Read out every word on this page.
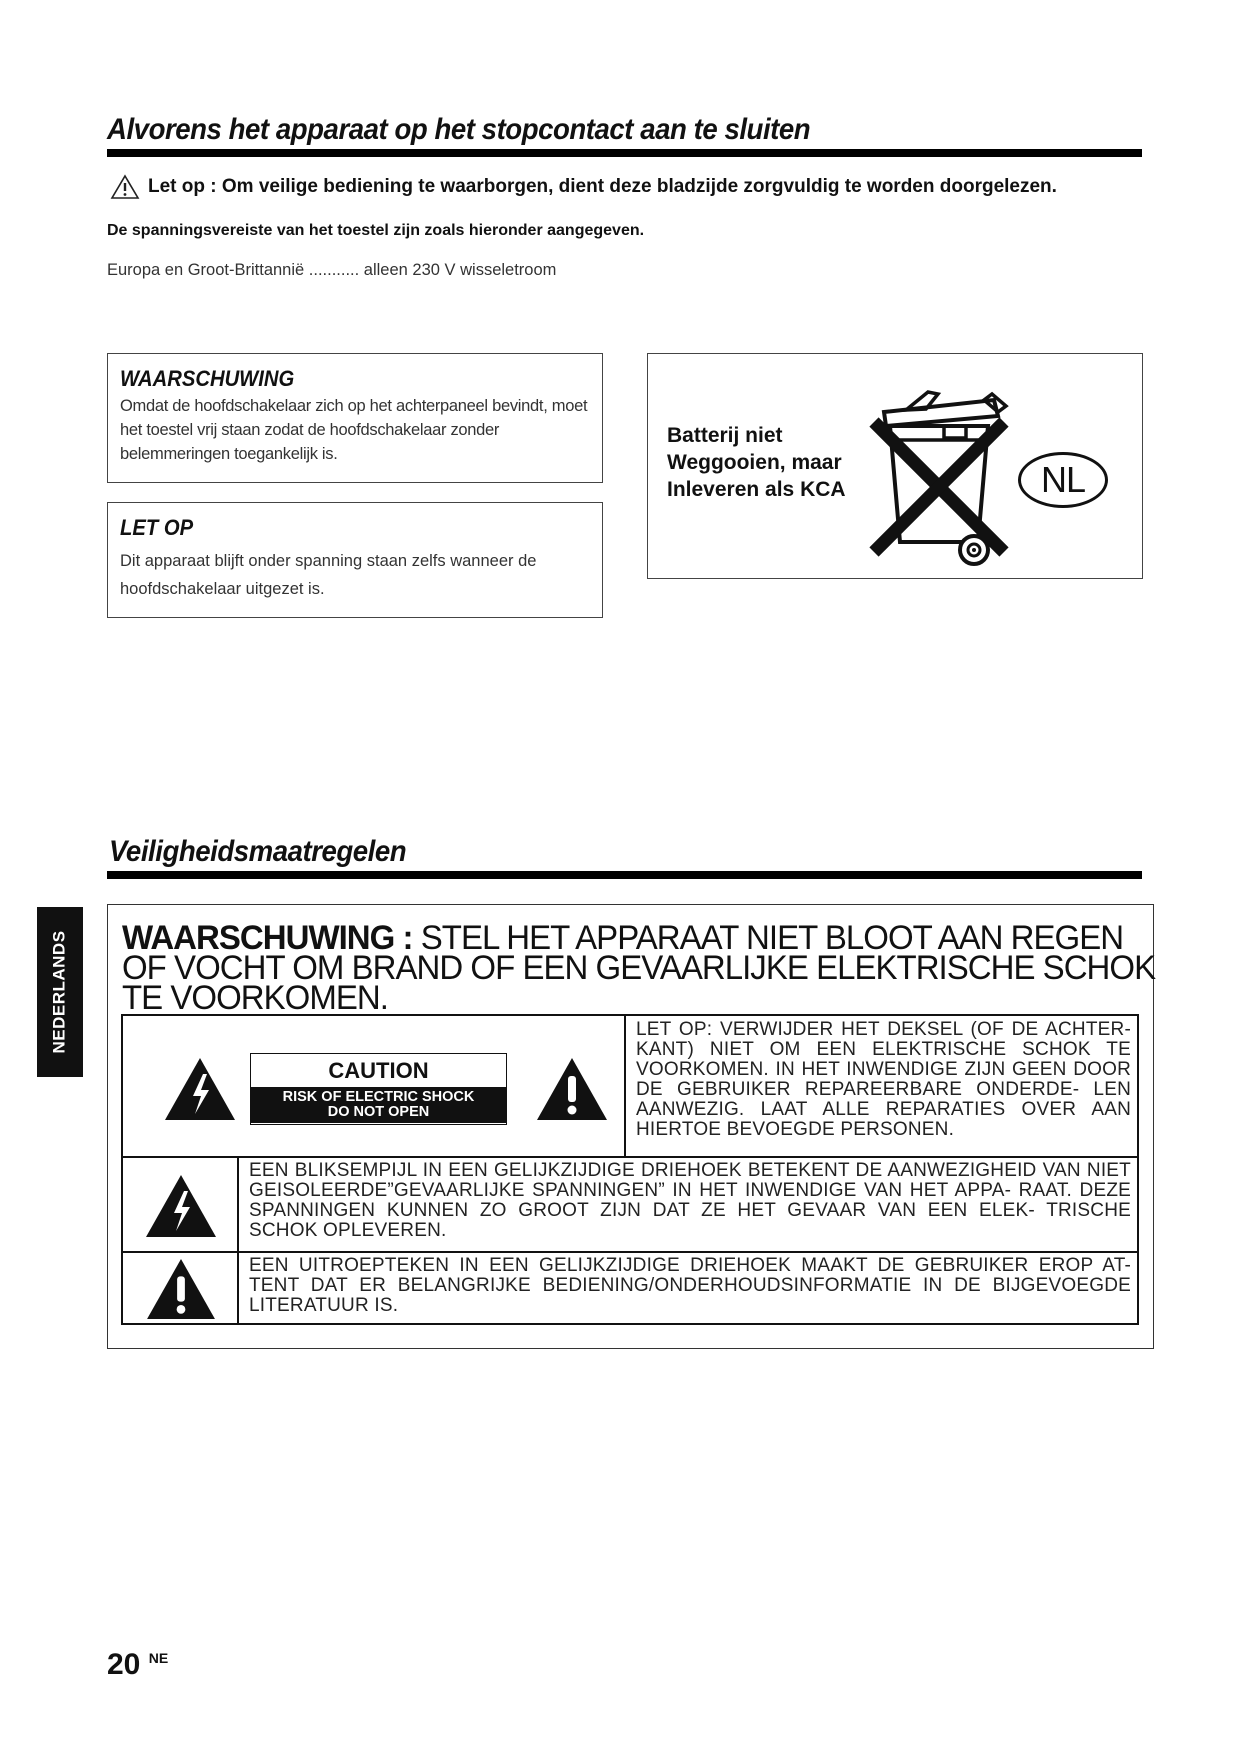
Alvorens het apparaat op het stopcontact aan te sluiten
Let op : Om veilige bediening te waarborgen, dient deze bladzijde zorgvuldig te worden doorgelezen.
De spanningsvereiste van het toestel zijn zoals hieronder aangegeven.
Europa en Groot-Brittannië ........... alleen 230 V wisseletroom
WAARSCHUWING
Omdat de hoofdschakelaar zich op het achterpaneel bevindt, moet het toestel vrij staan zodat de hoofdschakelaar zonder belemmeringen toegankelijk is.
LET OP
Dit apparaat blijft onder spanning staan zelfs wanneer de hoofdschakelaar uitgezet is.
Batterij niet
Weggooien, maar
Inleveren als KCA	NL
Veiligheidsmaatregelen
NEDERLANDS WAARSCHUWING : STEL HET APPARAAT NIET BLOOT AAN REGEN
OF VOCHT OM BRAND OF EEN GEVAARLIJKE ELEKTRISCHE SCHOK
TE VOORKOMEN.
CAUTION
RISK OF ELECTRIC SHOCK
DO NOT OPEN
LET OP: VERWIJDER HET DEKSEL (OF DE ACHTER- KANT) NIET OM EEN ELEKTRISCHE SCHOK TE VOORKOMEN. IN HET INWENDIGE ZIJN GEEN DOOR DE GEBRUIKER REPAREERBARE ONDERDE- LEN AANWEZIG. LAAT ALLE REPARATIES OVER AAN HIERTOE BEVOEGDE PERSONEN.
EEN BLIKSEMPIJL IN EEN GELIJKZIJDIGE DRIEHOEK BETEKENT DE AANWEZIGHEID VAN NIET GEISOLEERDE”GEVAARLIJKE SPANNINGEN” IN HET INWENDIGE VAN HET APPA- RAAT. DEZE SPANNINGEN KUNNEN ZO GROOT ZIJN DAT ZE HET GEVAAR VAN EEN ELEK- TRISCHE SCHOK OPLEVEREN.
EEN UITROEPTEKEN IN EEN GELIJKZIJDIGE DRIEHOEK MAAKT DE GEBRUIKER EROP AT- TENT DAT ER BELANGRIJKE BEDIENING/ONDERHOUDSINFORMATIE IN DE BIJGEVOEGDE LITERATUUR IS.
20 $^{NE}$
